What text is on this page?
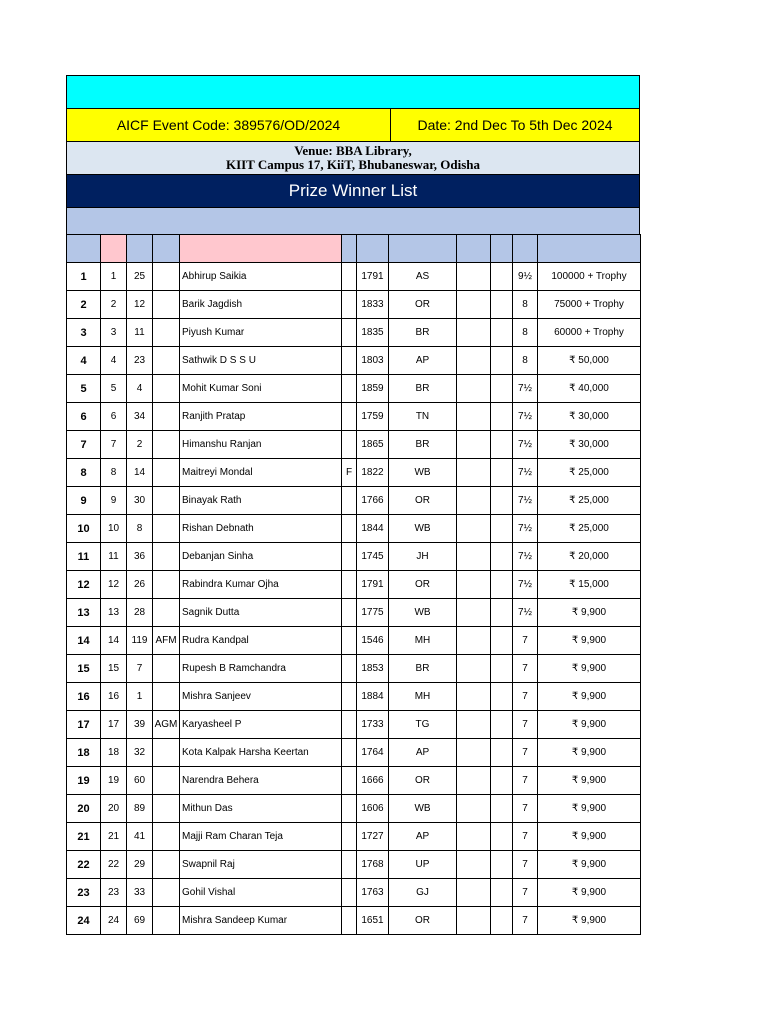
AICF Event Code: 389576/OD/2024	Date: 2nd Dec To 5th Dec 2024
Venue: BBA Library,
KIIT Campus 17, KiiT, Bhubaneswar, Odisha
Prize Winner List

1	1	25		Abhirup Saikia		1791	AS			9½	100000 + Trophy
2	2	12		Barik Jagdish		1833	OR			8	75000 + Trophy
3	3	11		Piyush Kumar		1835	BR			8	60000 + Trophy
4	4	23		Sathwik D S S U		1803	AP			8	₹ 50,000
5	5	4		Mohit Kumar Soni		1859	BR			7½	₹ 40,000
6	6	34		Ranjith Pratap		1759	TN			7½	₹ 30,000
7	7	2		Himanshu Ranjan		1865	BR			7½	₹ 30,000
8	8	14		Maitreyi Mondal	F	1822	WB			7½	₹ 25,000
9	9	30		Binayak Rath		1766	OR			7½	₹ 25,000
10	10	8		Rishan Debnath		1844	WB			7½	₹ 25,000
11	11	36		Debanjan Sinha		1745	JH			7½	₹ 20,000
12	12	26		Rabindra Kumar Ojha		1791	OR			7½	₹ 15,000
13	13	28		Sagnik Dutta		1775	WB			7½	₹ 9,900
14	14	119	AFM	Rudra Kandpal		1546	MH			7	₹ 9,900
15	15	7		Rupesh B Ramchandra		1853	BR			7	₹ 9,900
16	16	1		Mishra Sanjeev		1884	MH			7	₹ 9,900
17	17	39	AGM	Karyasheel P		1733	TG			7	₹ 9,900
18	18	32		Kota Kalpak Harsha Keertan		1764	AP			7	₹ 9,900
19	19	60		Narendra Behera		1666	OR			7	₹ 9,900
20	20	89		Mithun Das		1606	WB			7	₹ 9,900
21	21	41		Majji Ram Charan Teja		1727	AP			7	₹ 9,900
22	22	29		Swapnil Raj		1768	UP			7	₹ 9,900
23	23	33		Gohil Vishal		1763	GJ			7	₹ 9,900
24	24	69		Mishra Sandeep Kumar		1651	OR			7	₹ 9,900
